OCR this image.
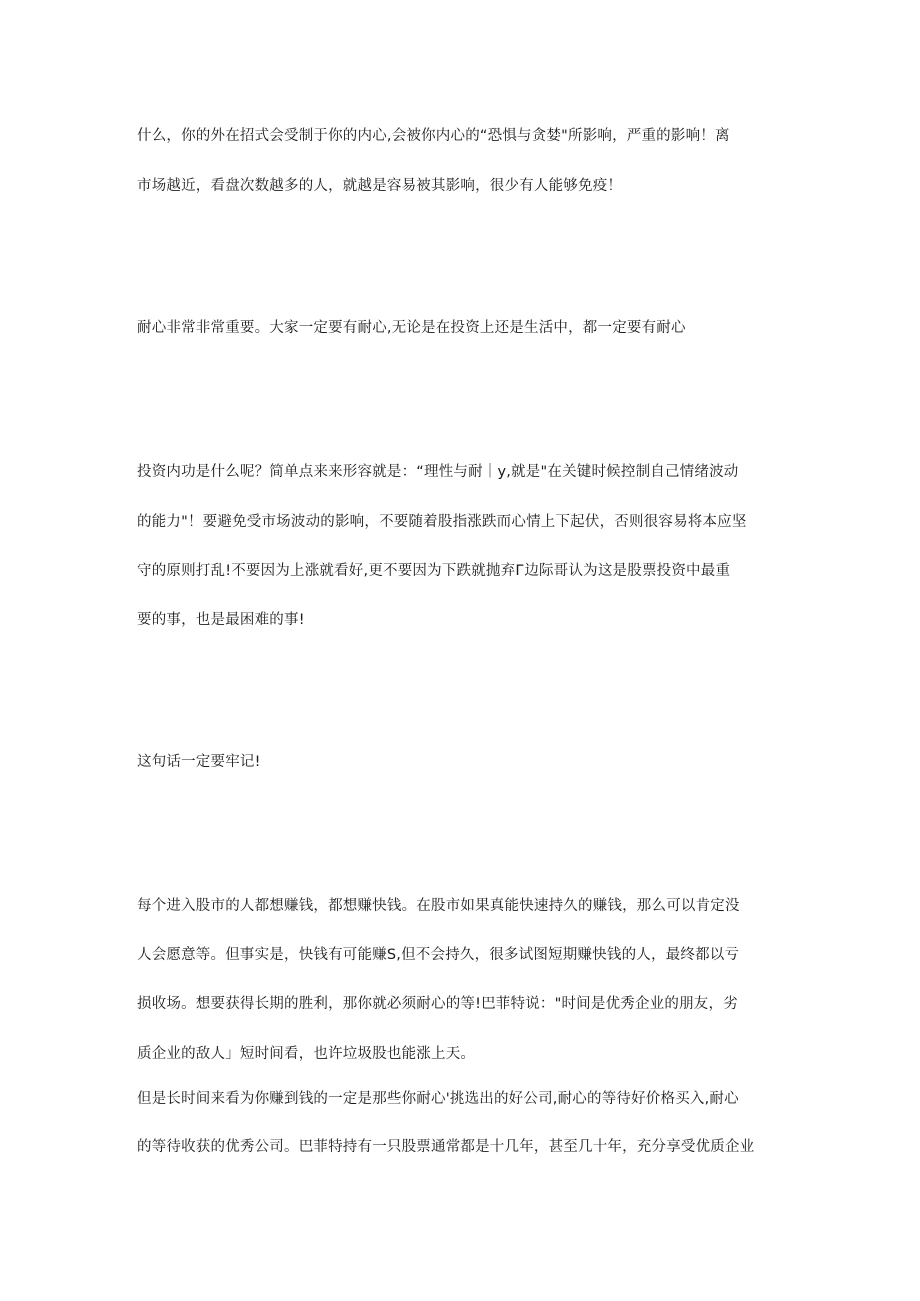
什么，你的外在招式会受制于你的内心,会被你内心的“恐惧与贪婪"所影响，严重的影响！离
市场越近，看盘次数越多的人，就越是容易被其影响，很少有人能够免疫！
耐心非常非常重要。大家一定要有耐心,无论是在投资上还是生活中，都一定要有耐心
投资内功是什么呢？简单点来来形容就是：“理性与耐｜y,就是"在关键时候控制自己情绪波动
的能力"！要避免受市场波动的影响，不要随着股指涨跌而心情上下起伏，否则很容易将本应坚
守的原则打乱!不要因为上涨就看好,更不要因为下跌就抛弃Г边际哥认为这是股票投资中最重
要的事，也是最困难的事!
这句话一定要牢记!
每个进入股市的人都想赚钱，都想赚快钱。在股市如果真能快速持久的赚钱，那么可以肯定没
人会愿意等。但事实是，快钱有可能赚S,但不会持久，很多试图短期赚快钱的人，最终都以亏
损收场。想要获得长期的胜利，那你就必须耐心的等!巴菲特说："时间是优秀企业的朋友，劣
质企业的敌人」短时间看，也许垃圾股也能涨上天。
但是长时间来看为你赚到钱的一定是那些你耐心'挑选出的好公司,耐心的等待好价格买入,耐心
的等待收获的优秀公司。巴菲特持有一只股票通常都是十几年，甚至几十年，充分享受优质企业
